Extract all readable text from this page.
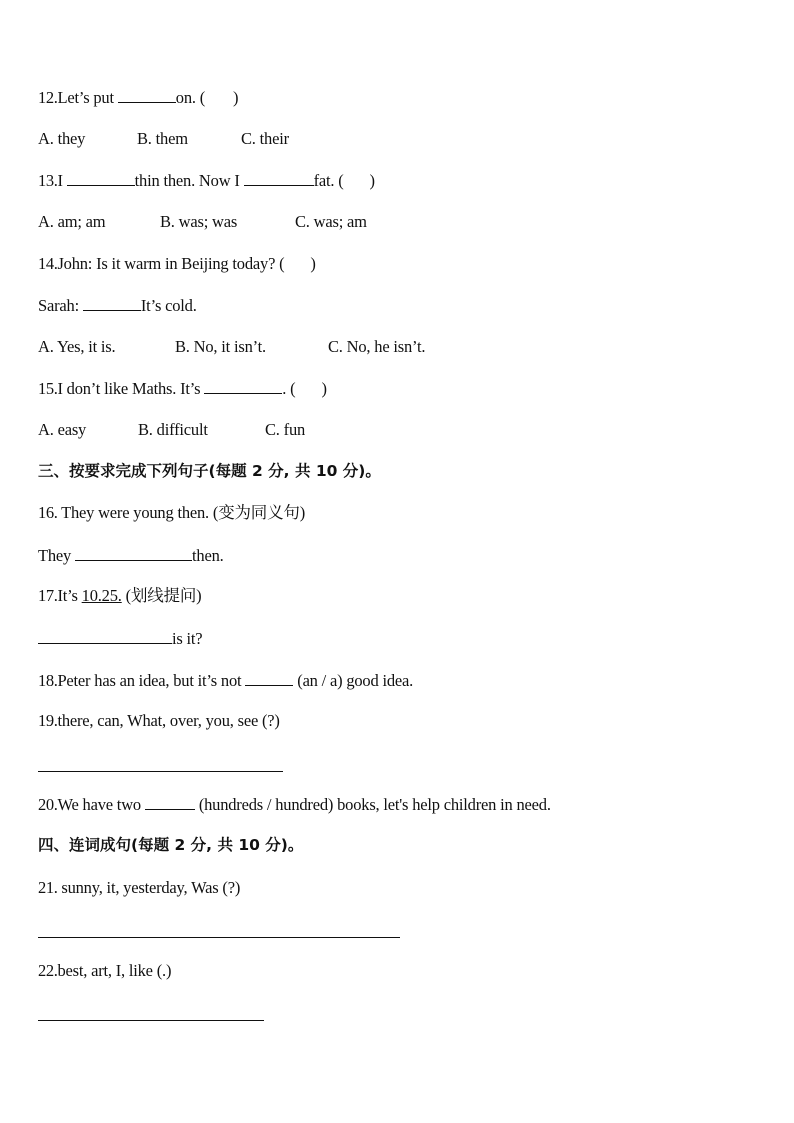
12.Let’s put	on. ( )
A. they	B. them	C. their
13.I	thin then. Now I	fat. ( )
A. am; am	B. was; was	C. was; am
14.John: Is it warm in Beijing today? ( )
Sarah:	It’s cold.
A. Yes, it is.	B. No, it isn’t.	C. No, he isn’t.
15.I don’t like Maths. It’s	. ( )
A. easy	B. difficult	C. fun
三、按要求完成下列句子(每题 2 分, 共 10 分)。
16. They were young then. (变为同义句)
They	then.
17.It’s 10.25. (划线提问)
is it?
18.Peter has an idea, but it’s not	(an / a) good idea.
19.there, can, What, over, you, see (?)
20.We have two	(hundreds / hundred) books, let's help children in need.
四、连词成句(每题 2 分, 共 10 分)。
21. sunny, it, yesterday, Was (?)
22.best, art, I, like (.)
